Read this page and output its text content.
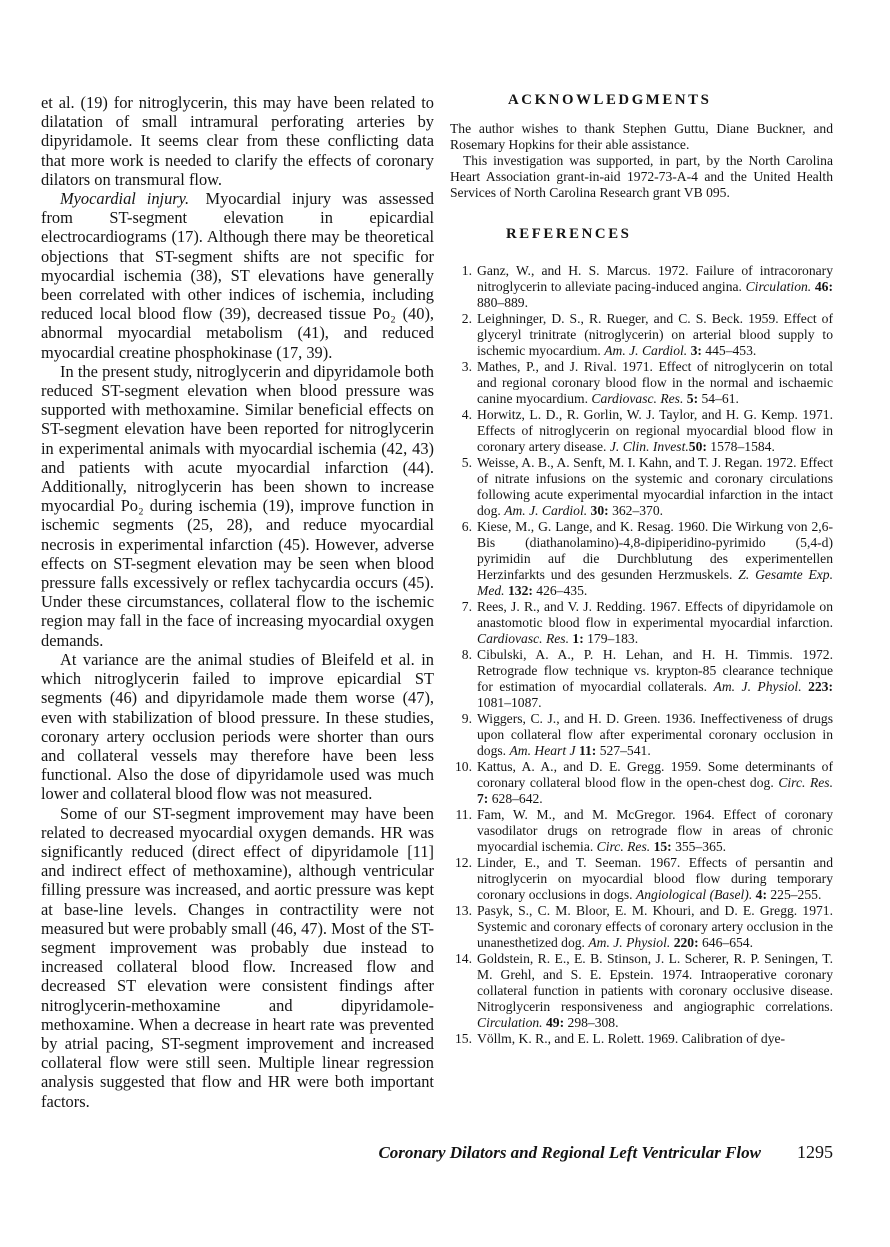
et al. (19) for nitroglycerin, this may have been related to dilatation of small intramural perforating arteries by dipyridamole. It seems clear from these conflicting data that more work is needed to clarify the effects of coronary dilators on transmural flow.

Myocardial injury. Myocardial injury was assessed from ST-segment elevation in epicardial electrocardiograms (17). Although there may be theoretical objections that ST-segment shifts are not specific for myocardial ischemia (38), ST elevations have generally been correlated with other indices of ischemia, including reduced local blood flow (39), decreased tissue Po₂ (40), abnormal myocardial metabolism (41), and reduced myocardial creatine phosphokinase (17, 39).

In the present study, nitroglycerin and dipyridamole both reduced ST-segment elevation when blood pressure was supported with methoxamine. Similar beneficial effects on ST-segment elevation have been reported for nitroglycerin in experimental animals with myocardial ischemia (42, 43) and patients with acute myocardial infarction (44). Additionally, nitroglycerin has been shown to increase myocardial Po₂ during ischemia (19), improve function in ischemic segments (25, 28), and reduce myocardial necrosis in experimental infarction (45). However, adverse effects on ST-segment elevation may be seen when blood pressure falls excessively or reflex tachycardia occurs (45). Under these circumstances, collateral flow to the ischemic region may fall in the face of increasing myocardial oxygen demands.

At variance are the animal studies of Bleifeld et al. in which nitroglycerin failed to improve epicardial ST segments (46) and dipyridamole made them worse (47), even with stabilization of blood pressure. In these studies, coronary artery occlusion periods were shorter than ours and collateral vessels may therefore have been less functional. Also the dose of dipyridamole used was much lower and collateral blood flow was not measured.

Some of our ST-segment improvement may have been related to decreased myocardial oxygen demands. HR was significantly reduced (direct effect of dipyridamole [11] and indirect effect of methoxamine), although ventricular filling pressure was increased, and aortic pressure was kept at base-line levels. Changes in contractility were not measured but were probably small (46, 47). Most of the ST-segment improvement was probably due instead to increased collateral blood flow. Increased flow and decreased ST elevation were consistent findings after nitroglycerin-methoxamine and dipyridamole-methoxamine. When a decrease in heart rate was prevented by atrial pacing, ST-segment improvement and increased collateral flow were still seen. Multiple linear regression analysis suggested that flow and HR were both important factors.

ACKNOWLEDGMENTS

The author wishes to thank Stephen Guttu, Diane Buckner, and Rosemary Hopkins for their able assistance.

This investigation was supported, in part, by the North Carolina Heart Association grant-in-aid 1972-73-A-4 and the United Health Services of North Carolina Research grant VB 095.

REFERENCES
1. Ganz, W., and H. S. Marcus. 1972. Failure of intracoronary nitroglycerin to alleviate pacing-induced angina. Circulation. 46: 880–889.
2. Leighninger, D. S., R. Rueger, and C. S. Beck. 1959. Effect of glyceryl trinitrate (nitroglycerin) on arterial blood supply to ischemic myocardium. Am. J. Cardiol. 3: 445–453.
3. Mathes, P., and J. Rival. 1971. Effect of nitroglycerin on total and regional coronary blood flow in the normal and ischaemic canine myocardium. Cardiovasc. Res. 5: 54–61.
4. Horwitz, L. D., R. Gorlin, W. J. Taylor, and H. G. Kemp. 1971. Effects of nitroglycerin on regional myocardial blood flow in coronary artery disease. J. Clin. Invest.50: 1578–1584.
5. Weisse, A. B., A. Senft, M. I. Kahn, and T. J. Regan. 1972. Effect of nitrate infusions on the systemic and coronary circulations following acute experimental myocardial infarction in the intact dog. Am. J. Cardiol. 30: 362–370.
6. Kiese, M., G. Lange, and K. Resag. 1960. Die Wirkung von 2,6-Bis (diathanolamino)-4,8-dipiperidino-pyrimido (5,4-d) pyrimidin auf die Durchblutung des experimentellen Herzinfarkts und des gesunden Herzmuskels. Z. Gesamte Exp. Med. 132: 426–435.
7. Rees, J. R., and V. J. Redding. 1967. Effects of dipyridamole on anastomotic blood flow in experimental myocardial infarction. Cardiovasc. Res. 1: 179–183.
8. Cibulski, A. A., P. H. Lehan, and H. H. Timmis. 1972. Retrograde flow technique vs. krypton-85 clearance technique for estimation of myocardial collaterals. Am. J. Physiol. 223: 1081–1087.
9. Wiggers, C. J., and H. D. Green. 1936. Ineffectiveness of drugs upon collateral flow after experimental coronary occlusion in dogs. Am. Heart J 11: 527–541.
10. Kattus, A. A., and D. E. Gregg. 1959. Some determinants of coronary collateral blood flow in the open-chest dog. Circ. Res. 7: 628–642.
11. Fam, W. M., and M. McGregor. 1964. Effect of coronary vasodilator drugs on retrograde flow in areas of chronic myocardial ischemia. Circ. Res. 15: 355–365.
12. Linder, E., and T. Seeman. 1967. Effects of persantin and nitroglycerin on myocardial blood flow during temporary coronary occlusions in dogs. Angiological (Basel). 4: 225–255.
13. Pasyk, S., C. M. Bloor, E. M. Khouri, and D. E. Gregg. 1971. Systemic and coronary effects of coronary artery occlusion in the unanesthetized dog. Am. J. Physiol. 220: 646–654.
14. Goldstein, R. E., E. B. Stinson, J. L. Scherer, R. P. Seningen, T. M. Grehl, and S. E. Epstein. 1974. Intraoperative coronary collateral function in patients with coronary occlusive disease. Nitroglycerin responsiveness and angiographic correlations. Circulation. 49: 298–308.
15. Völlm, K. R., and E. L. Rolett. 1969. Calibration of dye-
Coronary Dilators and Regional Left Ventricular Flow 1295
